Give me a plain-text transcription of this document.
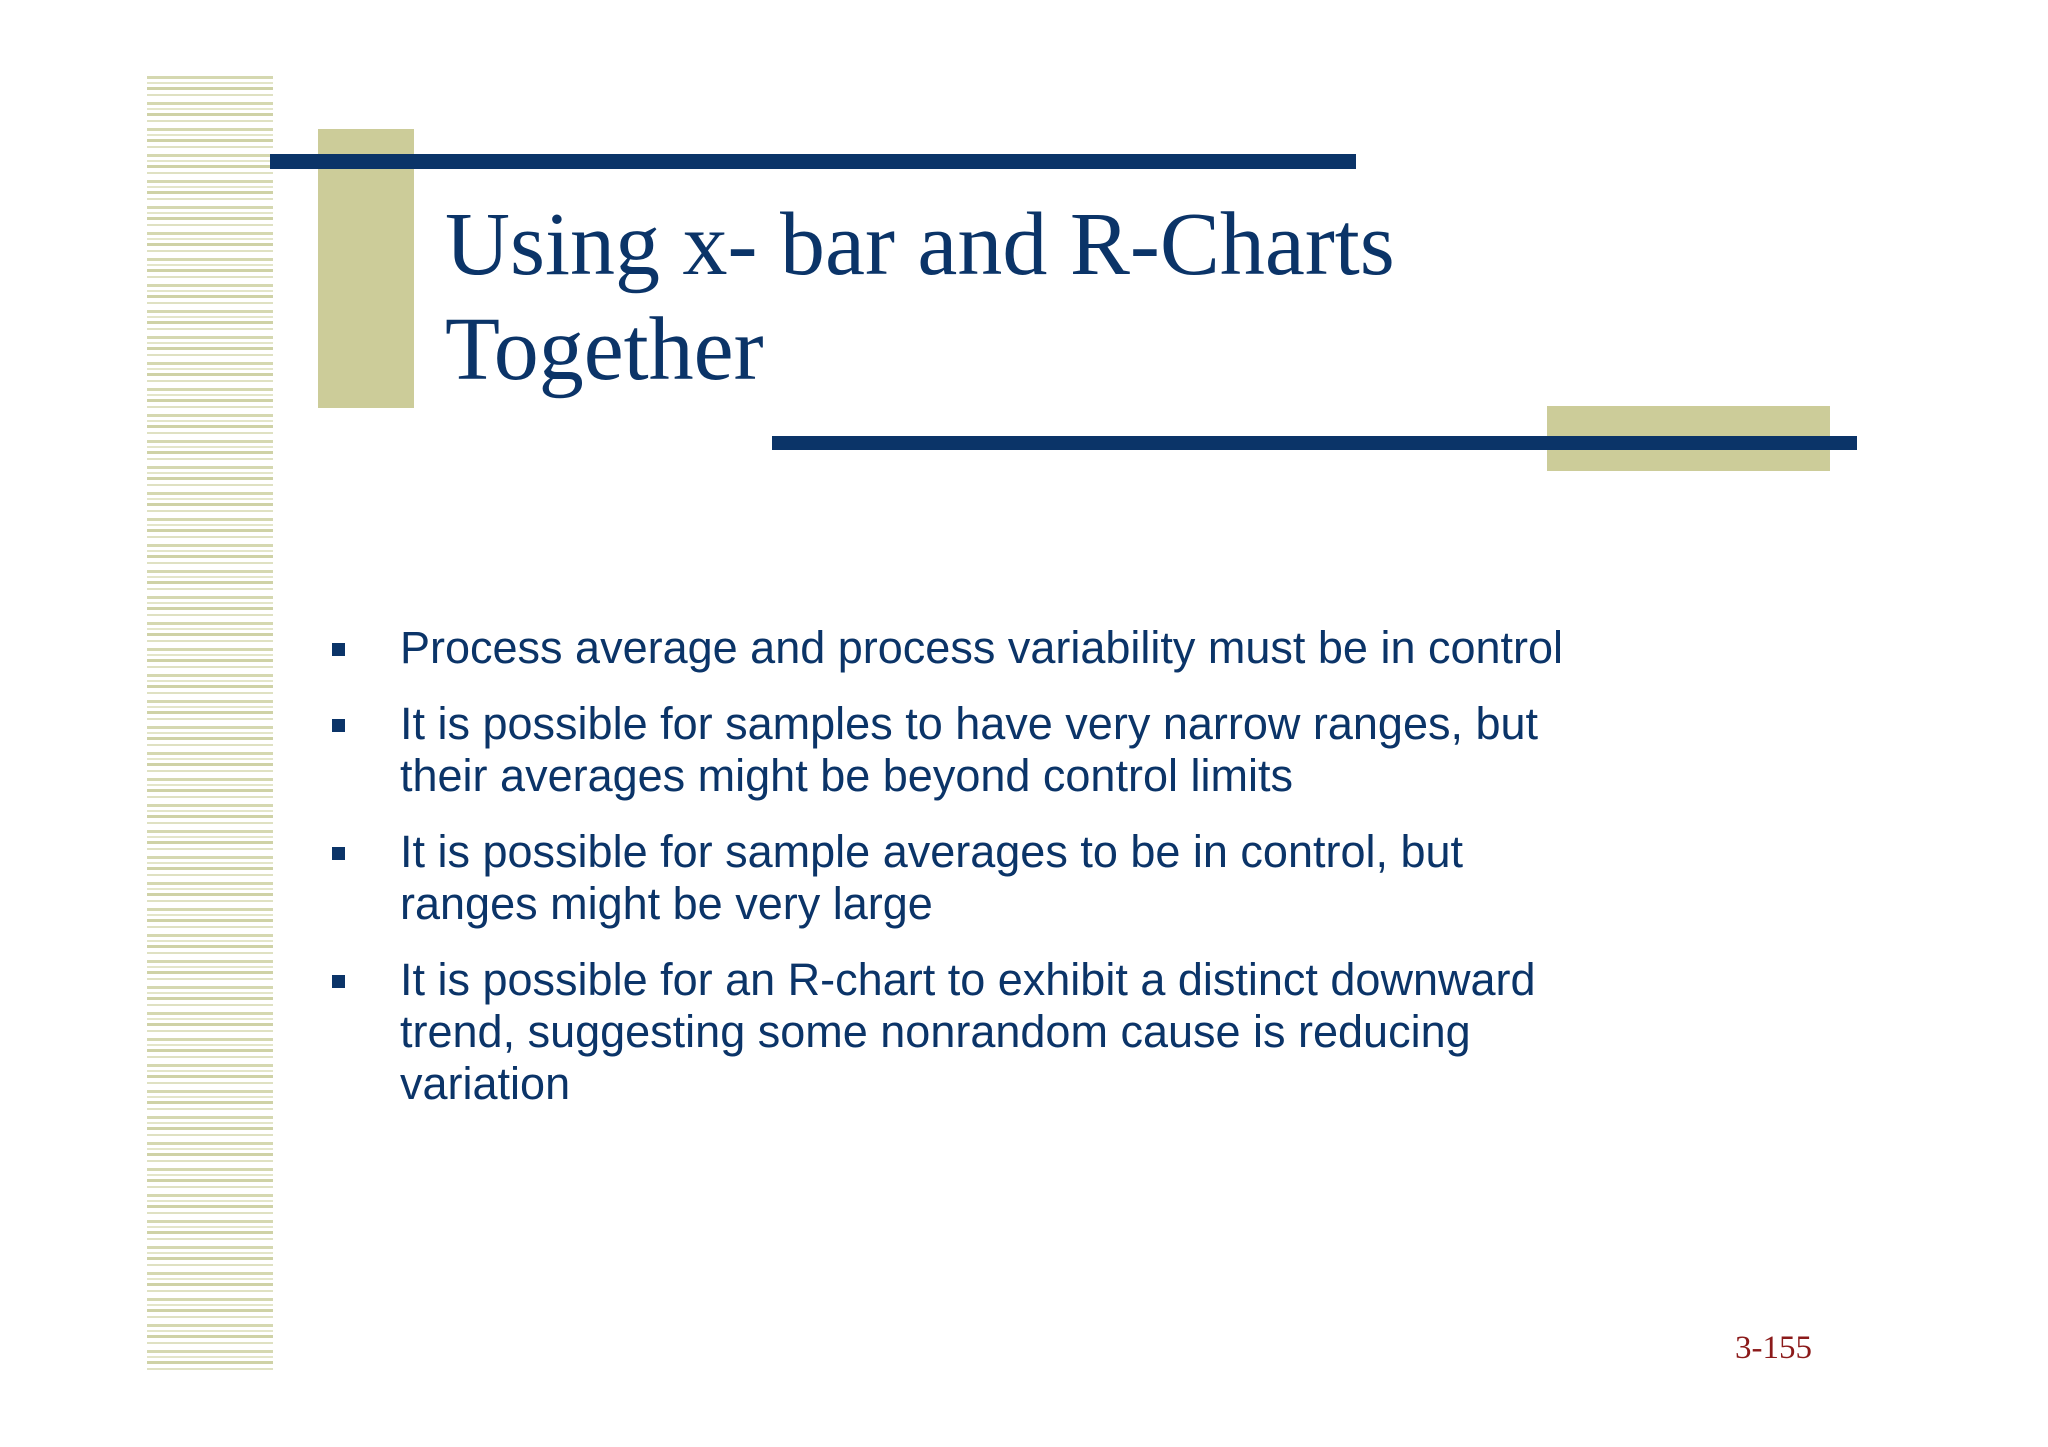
Using x- bar and R-Charts
Together
Process average and process variability must be in control
It is possible for samples to have very narrow ranges, but
their averages might be beyond control limits
It is possible for sample averages to be in control, but
ranges might be very large
It is possible for an R-chart to exhibit a distinct downward
trend, suggesting some nonrandom cause is reducing
variation
3-155
